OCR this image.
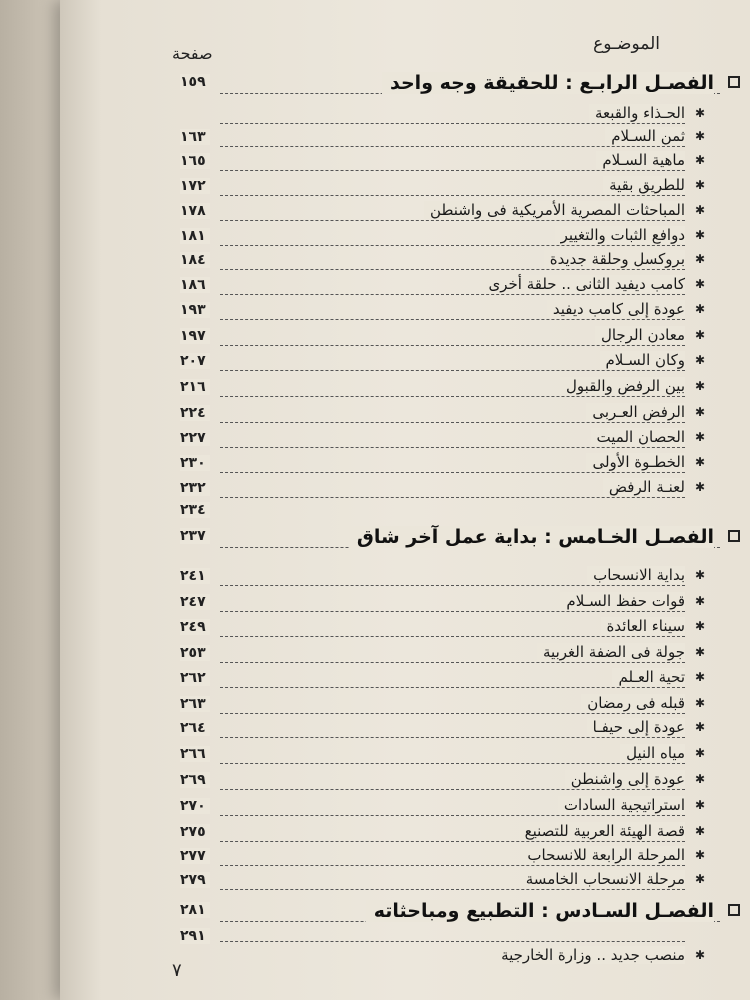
الموضـوع
صفحة
الفصـل الرابـع : للحقيقة وجه واحد
١٥٩
✱
الحـذاء والقبعة
✱
ثمن السـلام
١٦٣
✱
ماهية السـلام
١٦٥
✱
للطريق بقية
١٧٢
✱
المباحثات المصرية الأمريكية فى واشنطن
١٧٨
✱
دوافع الثبات والتغيير
١٨١
✱
بروكسل وحلقة جديدة
١٨٤
✱
كامب ديفيد الثانى .. حلقة أخرى
١٨٦
✱
عودة إلى كامب ديفيد
١٩٣
✱
معادن الرجال
١٩٧
✱
وكان السـلام
٢٠٧
✱
بين الرفض والقبول
٢١٦
✱
الرفض العـربى
٢٢٤
✱
الحصان الميت
٢٢٧
✱
الخطـوة الأولى
٢٣٠
✱
لعنـة الرفض
٢٣٢
٢٣٤
الفصـل الخـامس : بداية عمل آخر شاق
٢٣٧
✱
بداية الانسحاب
٢٤١
✱
قوات حفظ السـلام
٢٤٧
✱
سيناء العائدة
٢٤٩
✱
جولة فى الضفة الغربية
٢٥٣
✱
تحية العـلم
٢٦٢
✱
قبله فى رمضان
٢٦٣
✱
عودة إلى حيفـا
٢٦٤
✱
مياه النيل
٢٦٦
✱
عودة إلى واشنطن
٢٦٩
✱
استراتيجية السادات
٢٧٠
✱
قصة الهيئة العربية للتصنيع
٢٧٥
✱
المرحلة الرابعة للانسحاب
٢٧٧
✱
مرحلة الانسحاب الخامسة
٢٧٩
الفصـل السـادس : التطبيع ومباحثاته
٢٨١
٢٩١
✱
منصب جديد .. وزارة الخارجية
٧
